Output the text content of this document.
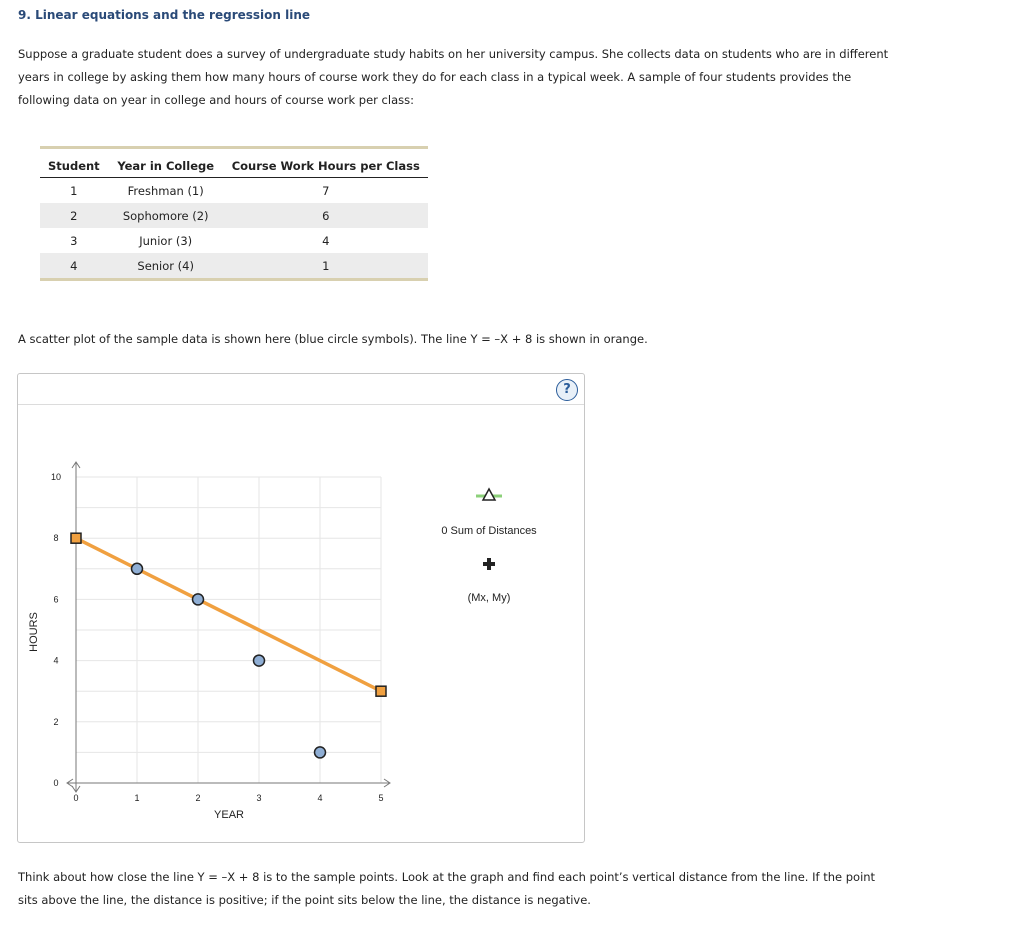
9. Linear equations and the regression line
Suppose a graduate student does a survey of undergraduate study habits on her university campus. She collects data on students who are in different years in college by asking them how many hours of course work they do for each class in a typical week. A sample of four students provides the following data on year in college and hours of course work per class:
Student	Year in College	Course Work Hours per Class
1	Freshman (1)	7
2	Sophomore (2)	6
3	Junior (3)	4
4	Senior (4)	1

A scatter plot of the sample data is shown here (blue circle symbols). The line Y = –X + 8 is shown in orange.
?
0	1	2	3	4	5
0
2
4
6
8
10
YEAR
HOURS
0 Sum of Distances
(Mx, My)
Think about how close the line Y = –X + 8 is to the sample points. Look at the graph and find each point’s vertical distance from the line. If the point sits above the line, the distance is positive; if the point sits below the line, the distance is negative.
